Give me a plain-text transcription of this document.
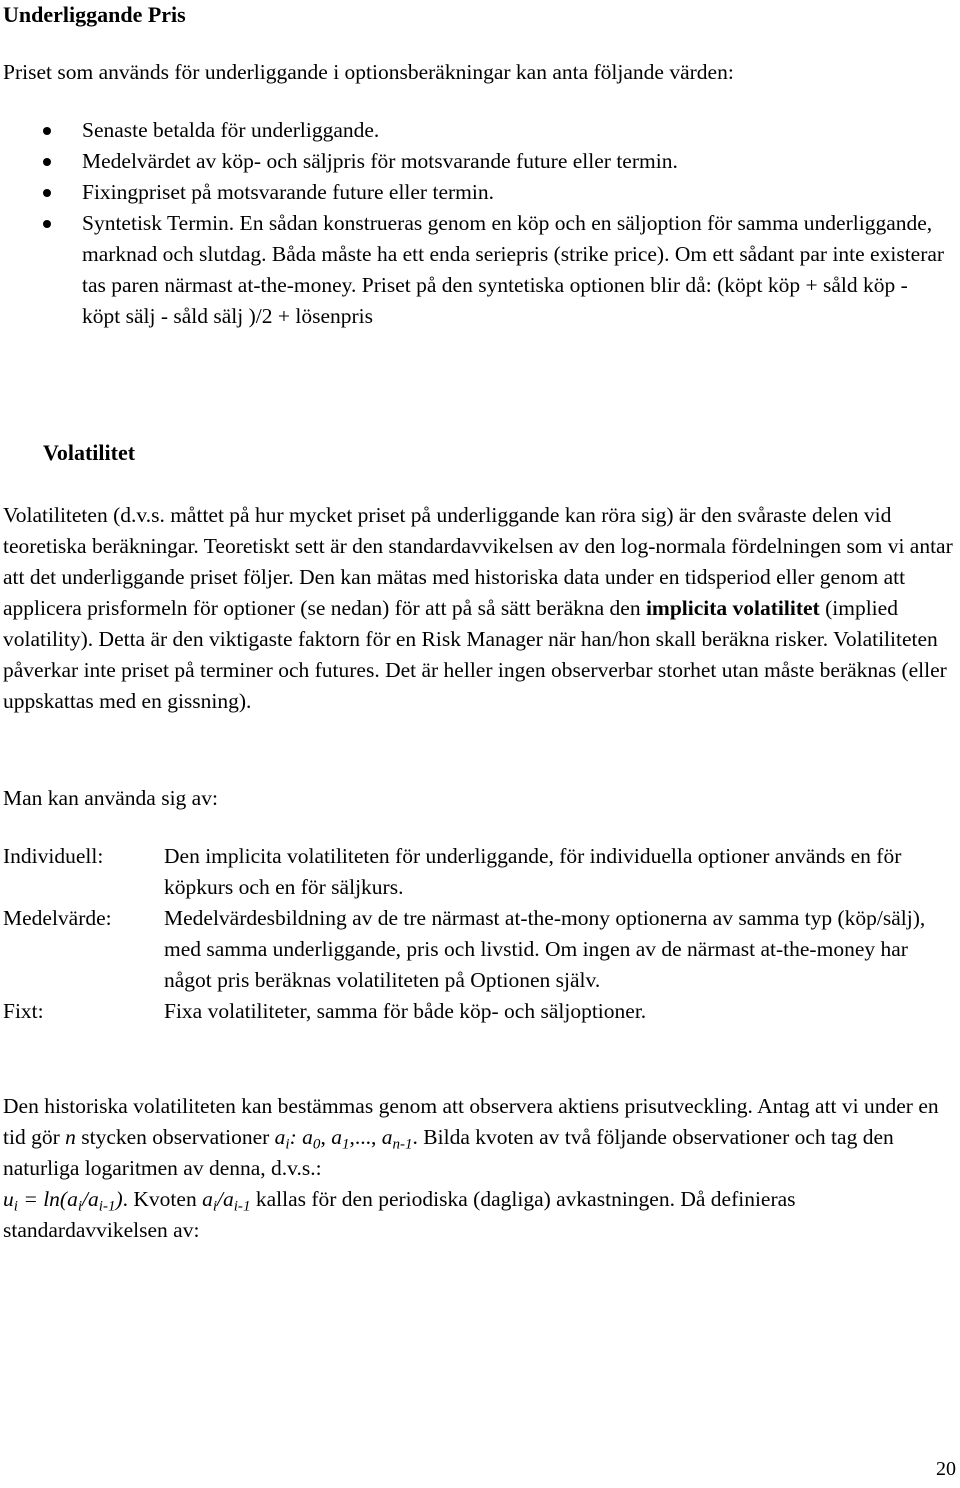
Underliggande Pris
Priset som används för underliggande i optionsberäkningar kan anta följande värden:
Senaste betalda för underliggande.
Medelvärdet av köp- och säljpris för motsvarande future eller termin.
Fixingpriset på motsvarande future eller termin.
Syntetisk Termin. En sådan konstrueras genom en köp och en säljoption för samma underliggande, marknad och slutdag. Båda måste ha ett enda seriepris (strike price). Om ett sådant par inte existerar tas paren närmast at-the-money. Priset på den syntetiska optionen blir då: (köpt köp + såld köp - köpt sälj - såld sälj )/2 + lösenpris
Volatilitet
Volatiliteten (d.v.s. måttet på hur mycket priset på underliggande kan röra sig) är den svåraste delen vid teoretiska beräkningar. Teoretiskt sett är den standardavvikelsen av den log-normala fördelningen som vi antar att det underliggande priset följer. Den kan mätas med historiska data under en tidsperiod eller genom att applicera prisformeln för optioner (se nedan) för att på så sätt beräkna den implicita volatilitet (implied volatility). Detta är den viktigaste faktorn för en Risk Manager när han/hon skall beräkna risker. Volatiliteten påverkar inte priset på terminer och futures. Det är heller ingen observerbar storhet utan måste beräknas (eller uppskattas med en gissning).
Man kan använda sig av:
Individuell:	Den implicita volatiliteten för underliggande, för individuella optioner används en för köpkurs och en för säljkurs.
Medelvärde:	Medelvärdesbildning av de tre närmast at-the-mony optionerna av samma typ (köp/sälj), med samma underliggande, pris och livstid. Om ingen av de närmast at-the-money har något pris beräknas volatiliteten på Optionen själv.
Fixt:	Fixa volatiliteter, samma för både köp- och säljoptioner.
Den historiska volatiliteten kan bestämmas genom att observera aktiens prisutveckling. Antag att vi under en tid gör n stycken observationer $a_i$: $a_0$, $a_1$,..., $a_{n-1}$. Bilda kvoten av två följande observationer och tag den naturliga logaritmen av denna, d.v.s.:
$u_i = \ln(a_i/a_{i-1})$. Kvoten $a_i/a_{i-1}$ kallas för den periodiska (dagliga) avkastningen. Då definieras standardavvikelsen av:
20
